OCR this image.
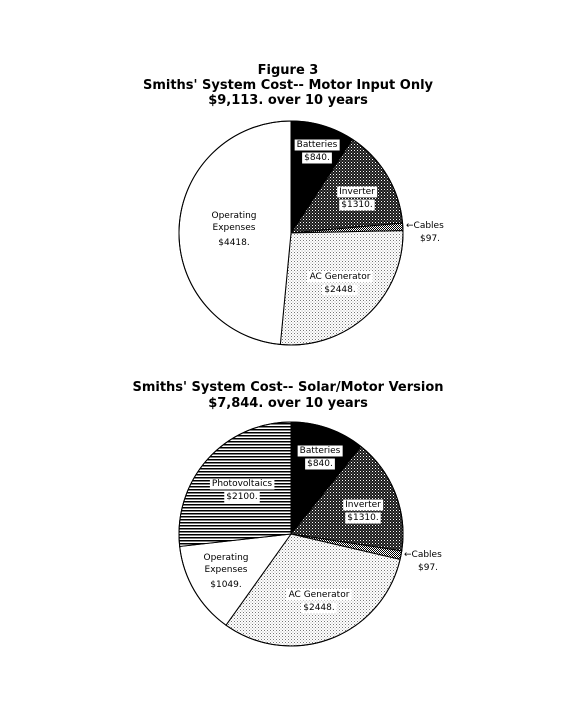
Figure 3
Smiths' System Cost-- Motor Input Only
$9,113. over 10 years
Smiths' System Cost-- Solar/Motor Version
$7,844. over 10 years
Batteries
$840.
Inverter
$1310.
←Cables
$97.
AC Generator
$2448.
Operating
Expenses
$4418.
Batteries
$840.
Inverter
$1310.
←Cables
$97.
AC Generator
$2448.
Operating
Expenses
$1049.
Photovoltaics
$2100.
